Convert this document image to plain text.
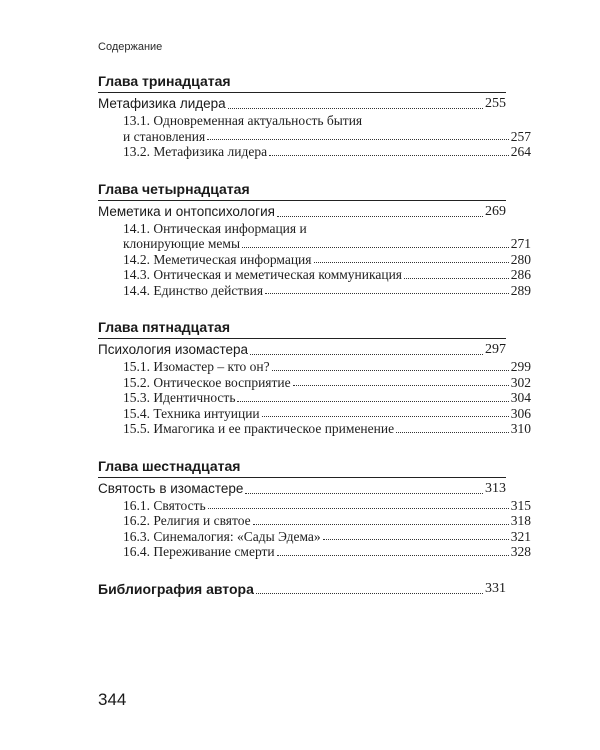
Содержание
Глава тринадцатая
Метафизика лидера	255
13.1. Одновременная актуальность бытия
и становления	257
13.2. Метафизика лидера	264
Глава четырнадцатая
Меметика и онтопсихология	269
14.1. Онтическая информация и
клонирующие мемы	271
14.2. Меметическая информация	280
14.3. Онтическая и меметическая коммуникация	286
14.4. Единство действия	289
Глава пятнадцатая
Психология изомастера	297
15.1. Изомастер – кто он?	299
15.2. Онтическое восприятие	302
15.3. Идентичность	304
15.4. Техника интуиции	306
15.5. Имагогика и ее практическое применение	310
Глава шестнадцатая
Святость в изомастере	313
16.1. Святость	315
16.2. Религия и святое	318
16.3. Синемалогия: «Сады Эдема»	321
16.4. Переживание смерти	328
Библиография автора	331
344
